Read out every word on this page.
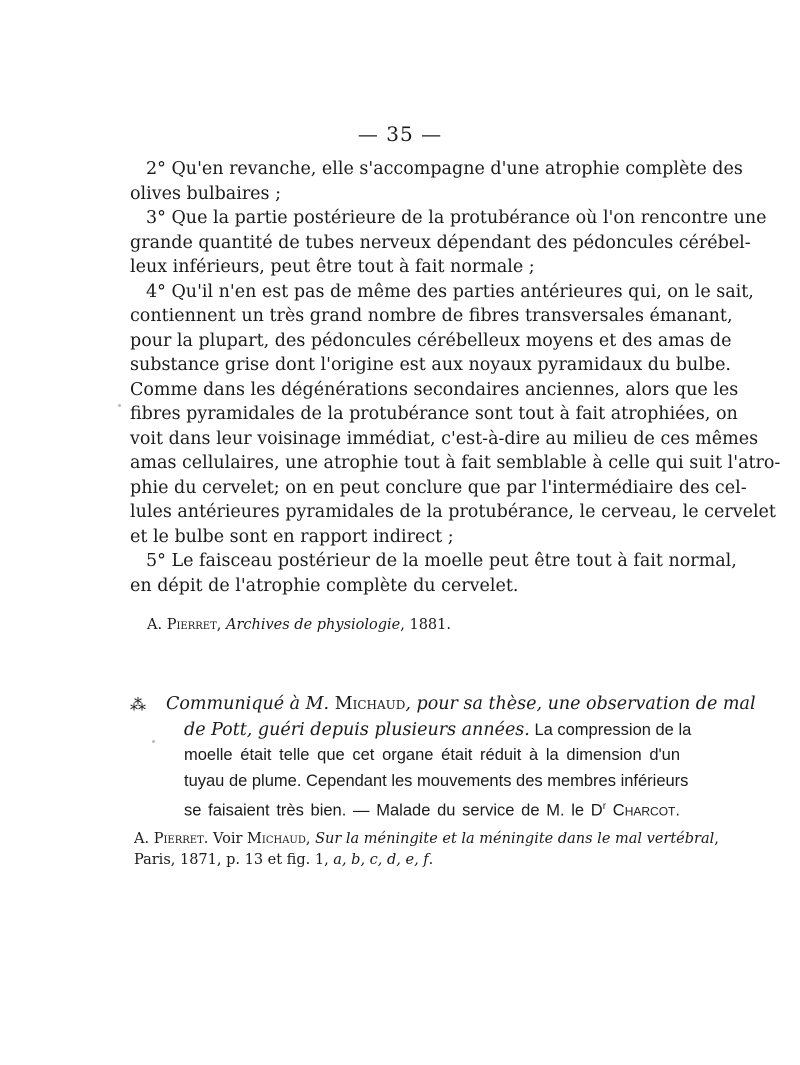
— 35 —
2° Qu'en revanche, elle s'accompagne d'une atrophie complète des
olives bulbaires ;
3° Que la partie postérieure de la protubérance où l'on rencontre une
grande quantité de tubes nerveux dépendant des pédoncules cérébel-
leux inférieurs, peut être tout à fait normale ;
4° Qu'il n'en est pas de même des parties antérieures qui, on le sait,
contiennent un très grand nombre de fibres transversales émanant,
pour la plupart, des pédoncules cérébelleux moyens et des amas de
substance grise dont l'origine est aux noyaux pyramidaux du bulbe.
Comme dans les dégénérations secondaires anciennes, alors que les
fibres pyramidales de la protubérance sont tout à fait atrophiées, on
voit dans leur voisinage immédiat, c'est-à-dire au milieu de ces mêmes
amas cellulaires, une atrophie tout à fait semblable à celle qui suit l'atro-
phie du cervelet; on en peut conclure que par l'intermédiaire des cel-
lules antérieures pyramidales de la protubérance, le cerveau, le cervelet
et le bulbe sont en rapport indirect ;
5° Le faisceau postérieur de la moelle peut être tout à fait normal,
en dépit de l'atrophie complète du cervelet.
A. Pierret, Archives de physiologie, 1881.
⁂	Communiqué à M. Michaud, pour sa thèse, une observation de mal
de Pott, guéri depuis plusieurs années. La compression de la
moelle était telle que cet organe était réduit à la dimension d'un
tuyau de plume. Cependant les mouvements des membres inférieurs
se faisaient très bien. — Malade du service de M. le $D^r$ Charcot.
A. Pierret. Voir Michaud, Sur la méningite et la méningite dans le mal vertébral,
Paris, 1871, p. 13 et fig. 1, a, b, c, d, e, f.
